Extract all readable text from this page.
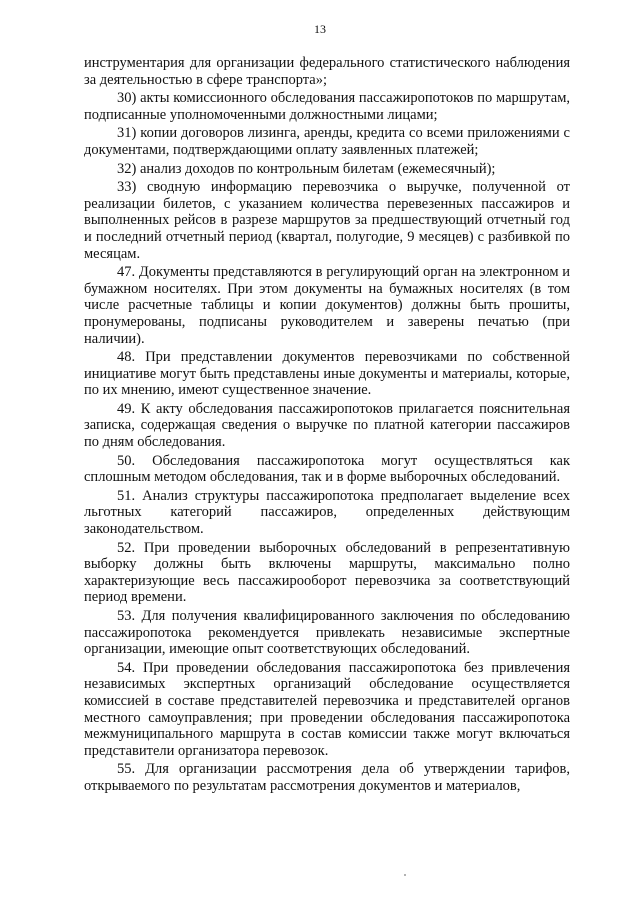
13

инструментария для организации федерального статистического наблюдения за деятельностью в сфере транспорта»;

30) акты комиссионного обследования пассажиропотоков по маршрутам, подписанные уполномоченными должностными лицами;

31) копии договоров лизинга, аренды, кредита со всеми приложениями с документами, подтверждающими оплату заявленных платежей;

32) анализ доходов по контрольным билетам (ежемесячный);

33) сводную информацию перевозчика о выручке, полученной от реализации билетов, с указанием количества перевезенных пассажиров и выполненных рейсов в разрезе маршрутов за предшествующий отчетный год и последний отчетный период (квартал, полугодие, 9 месяцев) с разбивкой по месяцам.

47. Документы представляются в регулирующий орган на электронном и бумажном носителях. При этом документы на бумажных носителях (в том числе расчетные таблицы и копии документов) должны быть прошиты, пронумерованы, подписаны руководителем и заверены печатью (при наличии).

48. При представлении документов перевозчиками по собственной инициативе могут быть представлены иные документы и материалы, которые, по их мнению, имеют существенное значение.

49. К акту обследования пассажиропотоков прилагается пояснительная записка, содержащая сведения о выручке по платной категории пассажиров по дням обследования.

50. Обследования пассажиропотока могут осуществляться как сплошным методом обследования, так и в форме выборочных обследований.

51. Анализ структуры пассажиропотока предполагает выделение всех льготных категорий пассажиров, определенных действующим законодательством.

52. При проведении выборочных обследований в репрезентативную выборку должны быть включены маршруты, максимально полно характеризующие весь пассажирооборот перевозчика за соответствующий период времени.

53. Для получения квалифицированного заключения по обследованию пассажиропотока рекомендуется привлекать независимые экспертные организации, имеющие опыт соответствующих обследований.

54. При проведении обследования пассажиропотока без привлечения независимых экспертных организаций обследование осуществляется комиссией в составе представителей перевозчика и представителей органов местного самоуправления; при проведении обследования пассажиропотока межмуниципального маршрута в состав комиссии также могут включаться представители организатора перевозок.

55. Для организации рассмотрения дела об утверждении тарифов, открываемого по результатам рассмотрения документов и материалов,
